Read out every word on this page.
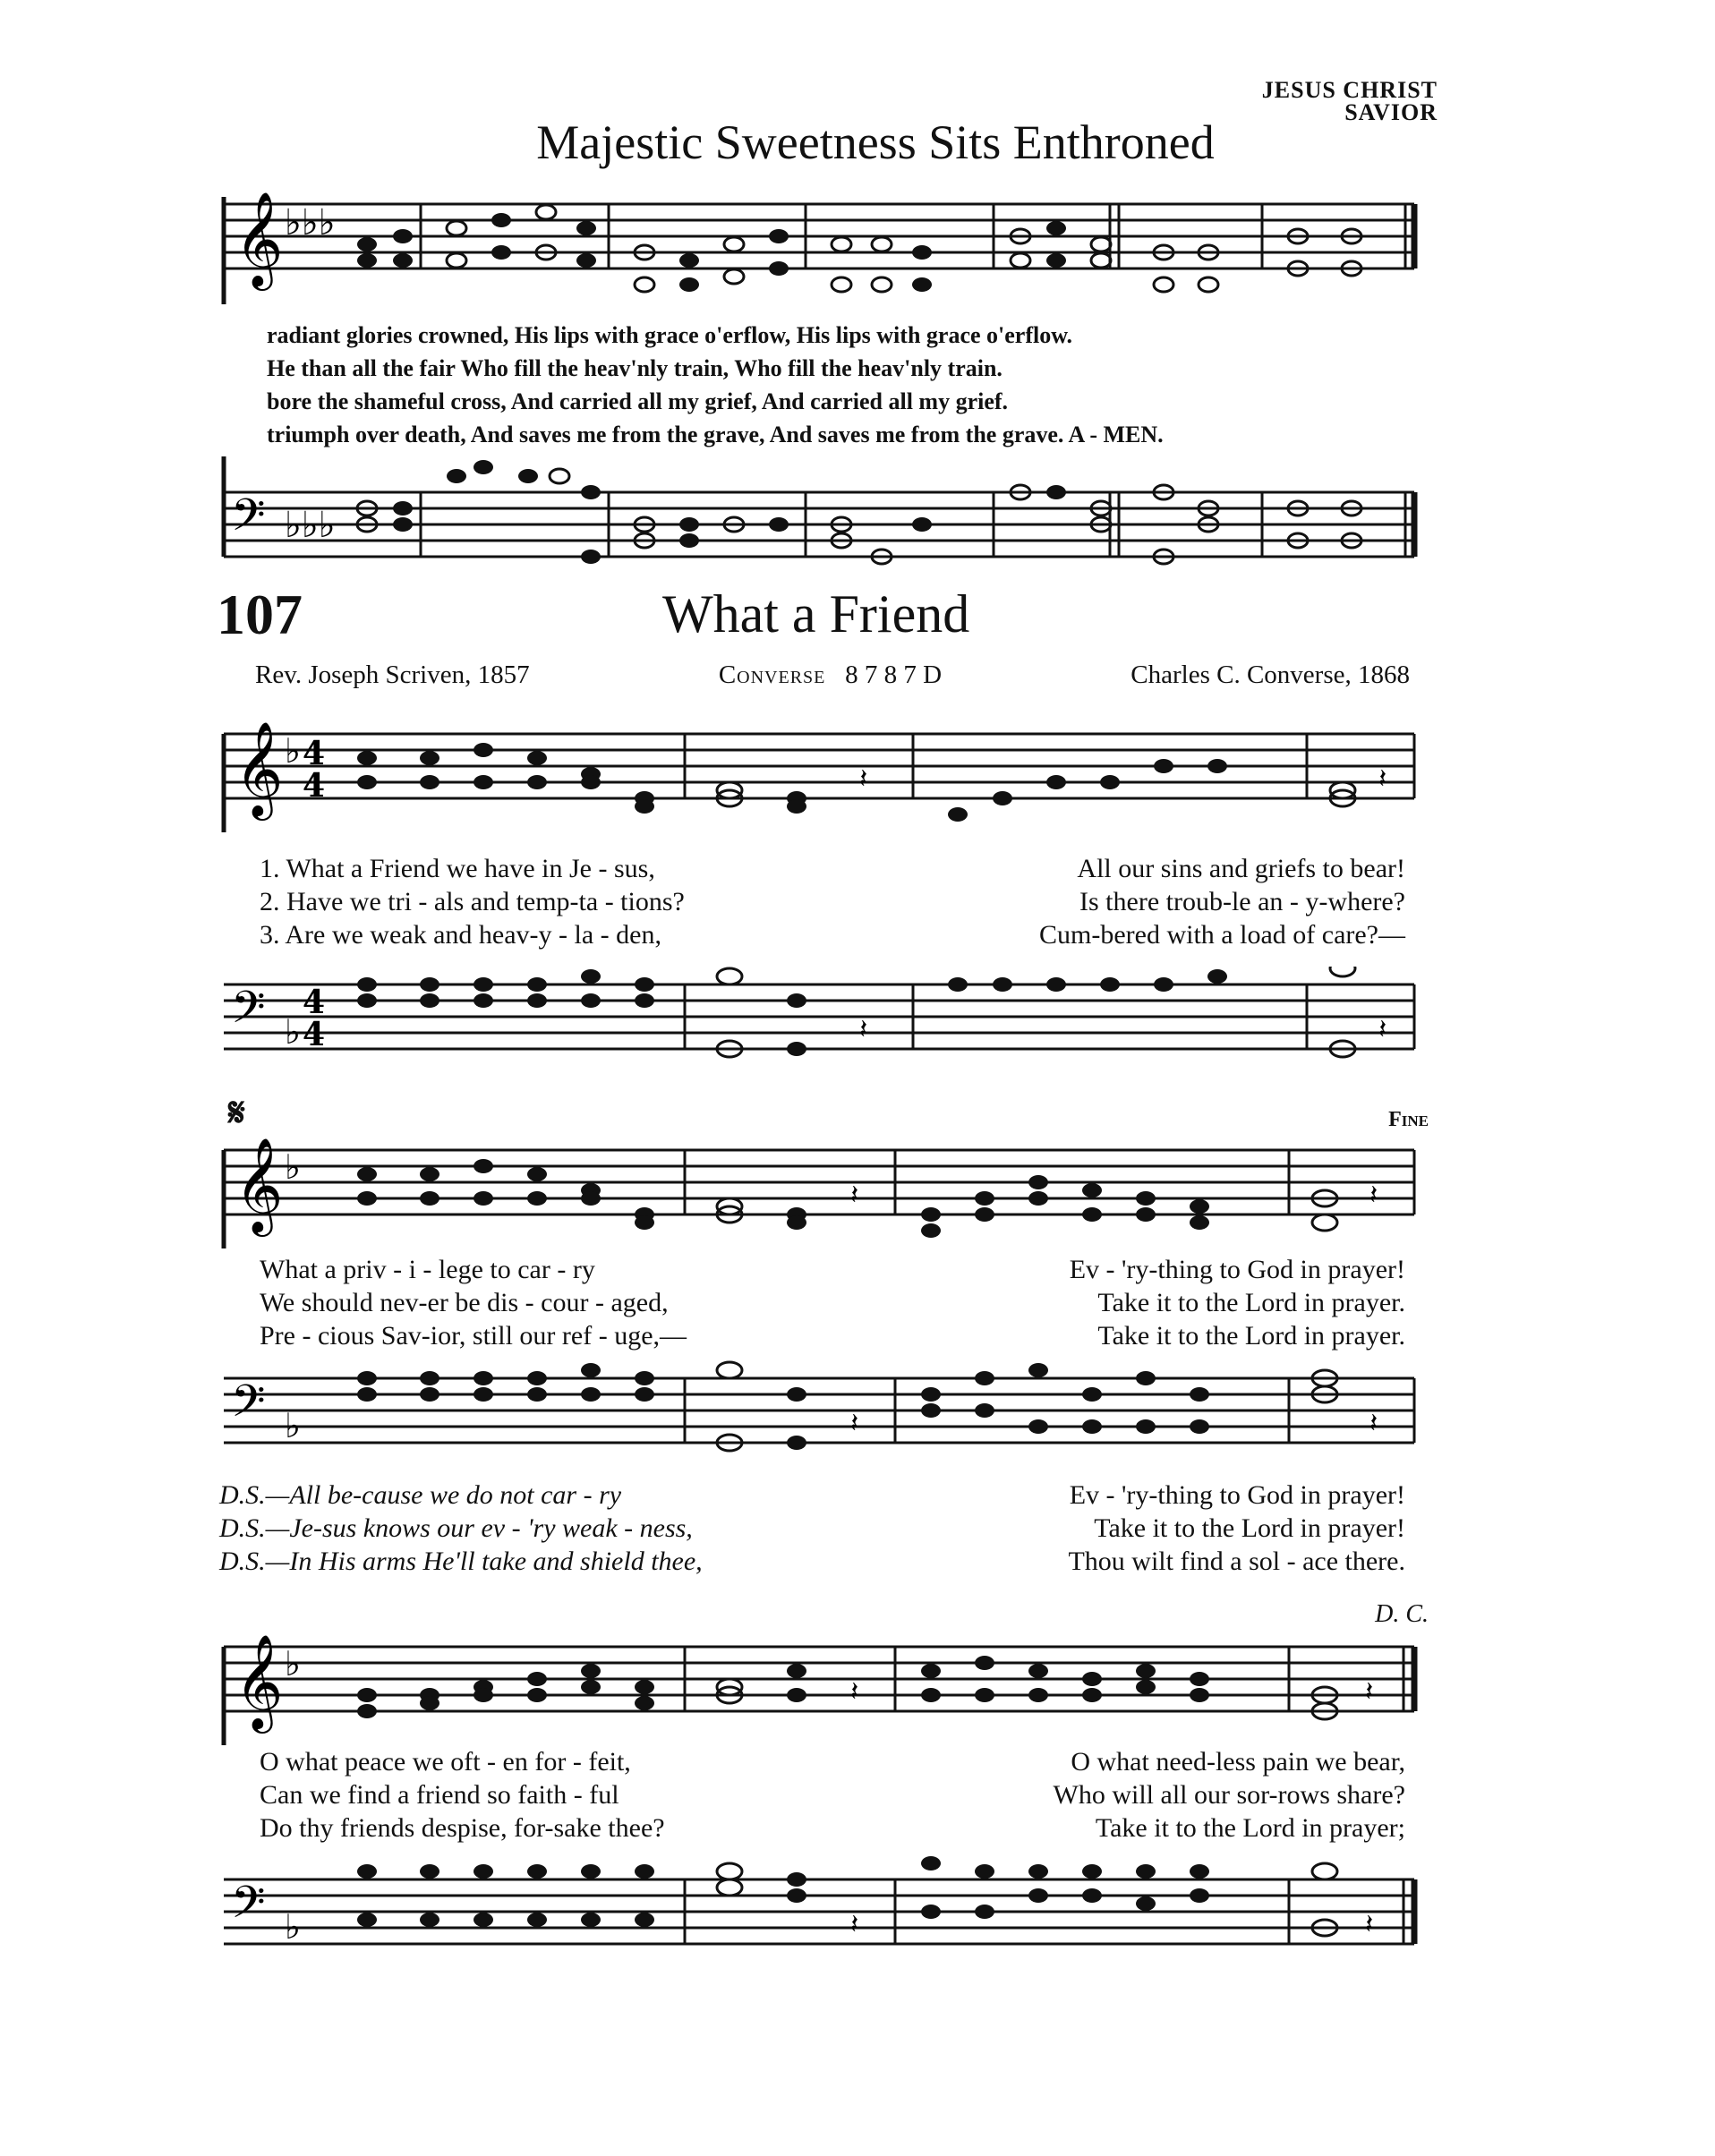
JESUS CHRIST
SAVIOR
Majestic Sweetness Sits Enthroned
𝄞 ♭♭♭
radiant glories crowned, His lips with grace o'erflow, His lips with grace o'erflow.
He than all the fair Who fill the heav'nly train, Who fill the heav'nly train.
bore the shameful cross, And carried all my grief, And carried all my grief.
triumph over death, And saves me from the grave, And saves me from the grave. A - MEN.
𝄢 ♭♭♭
107	What a Friend
Rev. Joseph Scriven, 1857	Converse 8 7 8 7 D	Charles C. Converse, 1868
𝄞 ♭ 4
4	𝄽	𝄽
1. What a Friend we have in Je - sus,	All our sins and griefs to bear!
2. Have we tri - als and temp-ta - tions?	Is there troub-le an - y-where?
3. Are we weak and heav-y - la - den,	Cum-bered with a load of care?—
𝄢 ♭
4
4	𝄽	𝄽
𝄋	Fine
𝄞 ♭
𝄽	𝄽
What a priv - i - lege to car - ry	Ev - 'ry-thing to God in prayer!
We should nev-er be dis - cour - aged,	Take it to the Lord in prayer.
Pre - cious Sav-ior, still our ref - uge,—	Take it to the Lord in prayer.
𝄢 ♭	𝄽	𝄽
D.S.—All be-cause we do not car - ry	Ev - 'ry-thing to God in prayer!
D.S.—Je-sus knows our ev - 'ry weak - ness,	Take it to the Lord in prayer!
D.S.—In His arms He'll take and shield thee,	Thou wilt find a sol - ace there.
D. C.
𝄞 ♭
𝄽	𝄽
O what peace we oft - en for - feit,	O what need-less pain we bear,
Can we find a friend so faith - ful	Who will all our sor-rows share?
Do thy friends despise, for-sake thee?	Take it to the Lord in prayer;
𝄢 ♭	𝄽	𝄽
